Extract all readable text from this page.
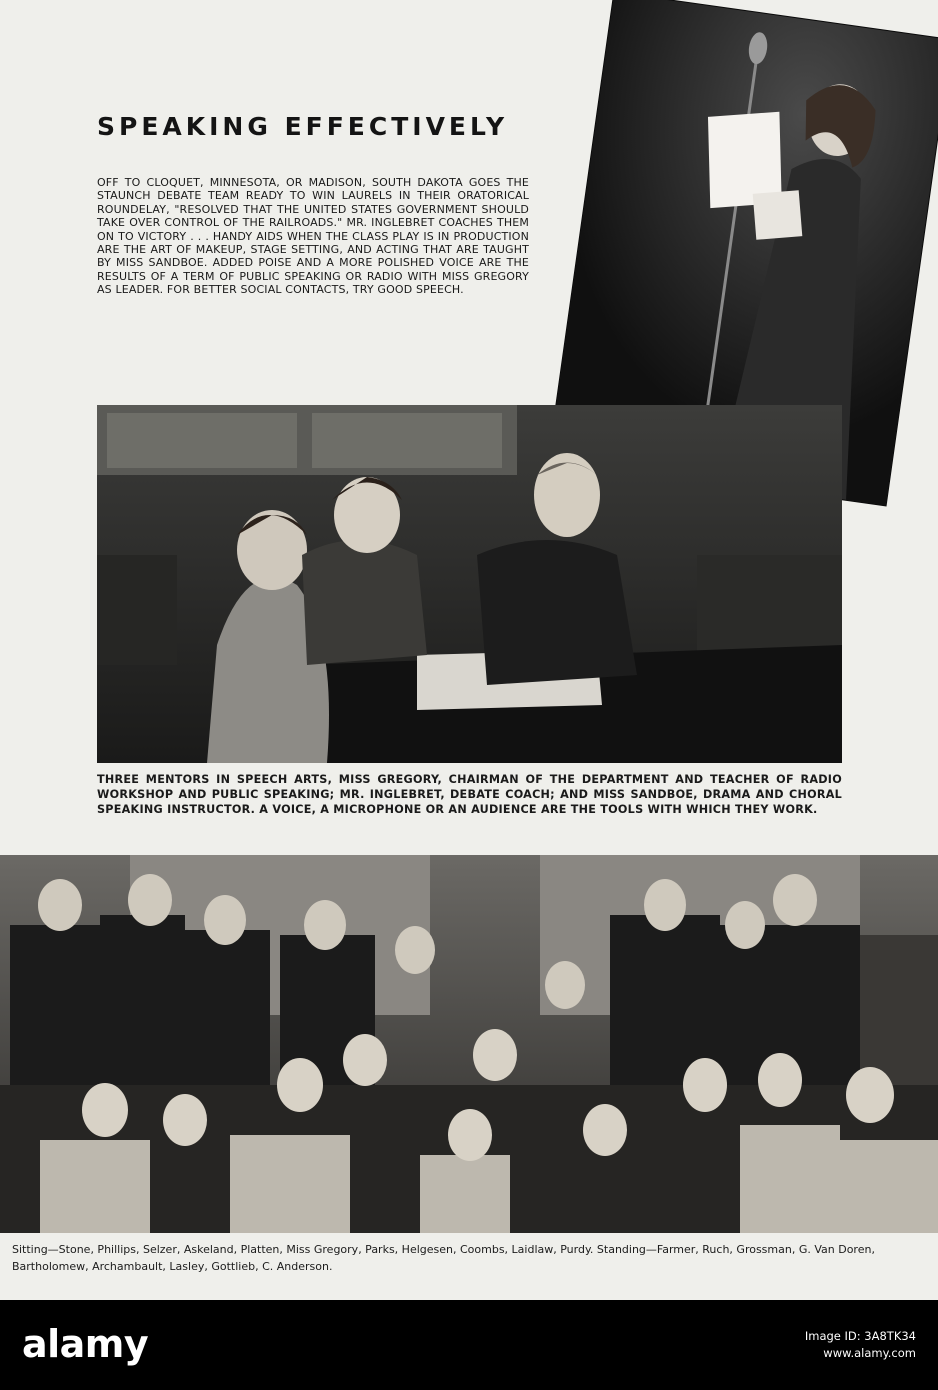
SPEAKING EFFECTIVELY

OFF TO CLOQUET, MINNESOTA, OR MADISON, SOUTH DAKOTA GOES THE STAUNCH DEBATE TEAM READY TO WIN LAURELS IN THEIR ORATORICAL ROUNDELAY, "RESOLVED THAT THE UNITED STATES GOVERNMENT SHOULD TAKE OVER CONTROL OF THE RAILROADS." MR. INGLEBRET COACHES THEM ON TO VICTORY . . . HANDY AIDS WHEN THE CLASS PLAY IS IN PRODUCTION ARE THE ART OF MAKEUP, STAGE SETTING, AND ACTING THAT ARE TAUGHT BY MISS SANDBOE. ADDED POISE AND A MORE POLISHED VOICE ARE THE RESULTS OF A TERM OF PUBLIC SPEAKING OR RADIO WITH MISS GREGORY AS LEADER. FOR BETTER SOCIAL CONTACTS, TRY GOOD SPEECH.

THREE MENTORS IN SPEECH ARTS, MISS GREGORY, CHAIRMAN OF THE DEPARTMENT AND TEACHER OF RADIO WORKSHOP AND PUBLIC SPEAKING; MR. INGLEBRET, DEBATE COACH; AND MISS SANDBOE, DRAMA AND CHORAL SPEAKING INSTRUCTOR. A VOICE, A MICROPHONE OR AN AUDIENCE ARE THE TOOLS WITH WHICH THEY WORK.

Sitting—Stone, Phillips, Selzer, Askeland, Platten, Miss Gregory, Parks, Helgesen, Coombs, Laidlaw, Purdy. Standing—Farmer, Ruch, Grossman, G. Van Doren, Bartholomew, Archambault, Lasley, Gottlieb, C. Anderson.

alamy	Image ID: 3A8TK34
www.alamy.com
